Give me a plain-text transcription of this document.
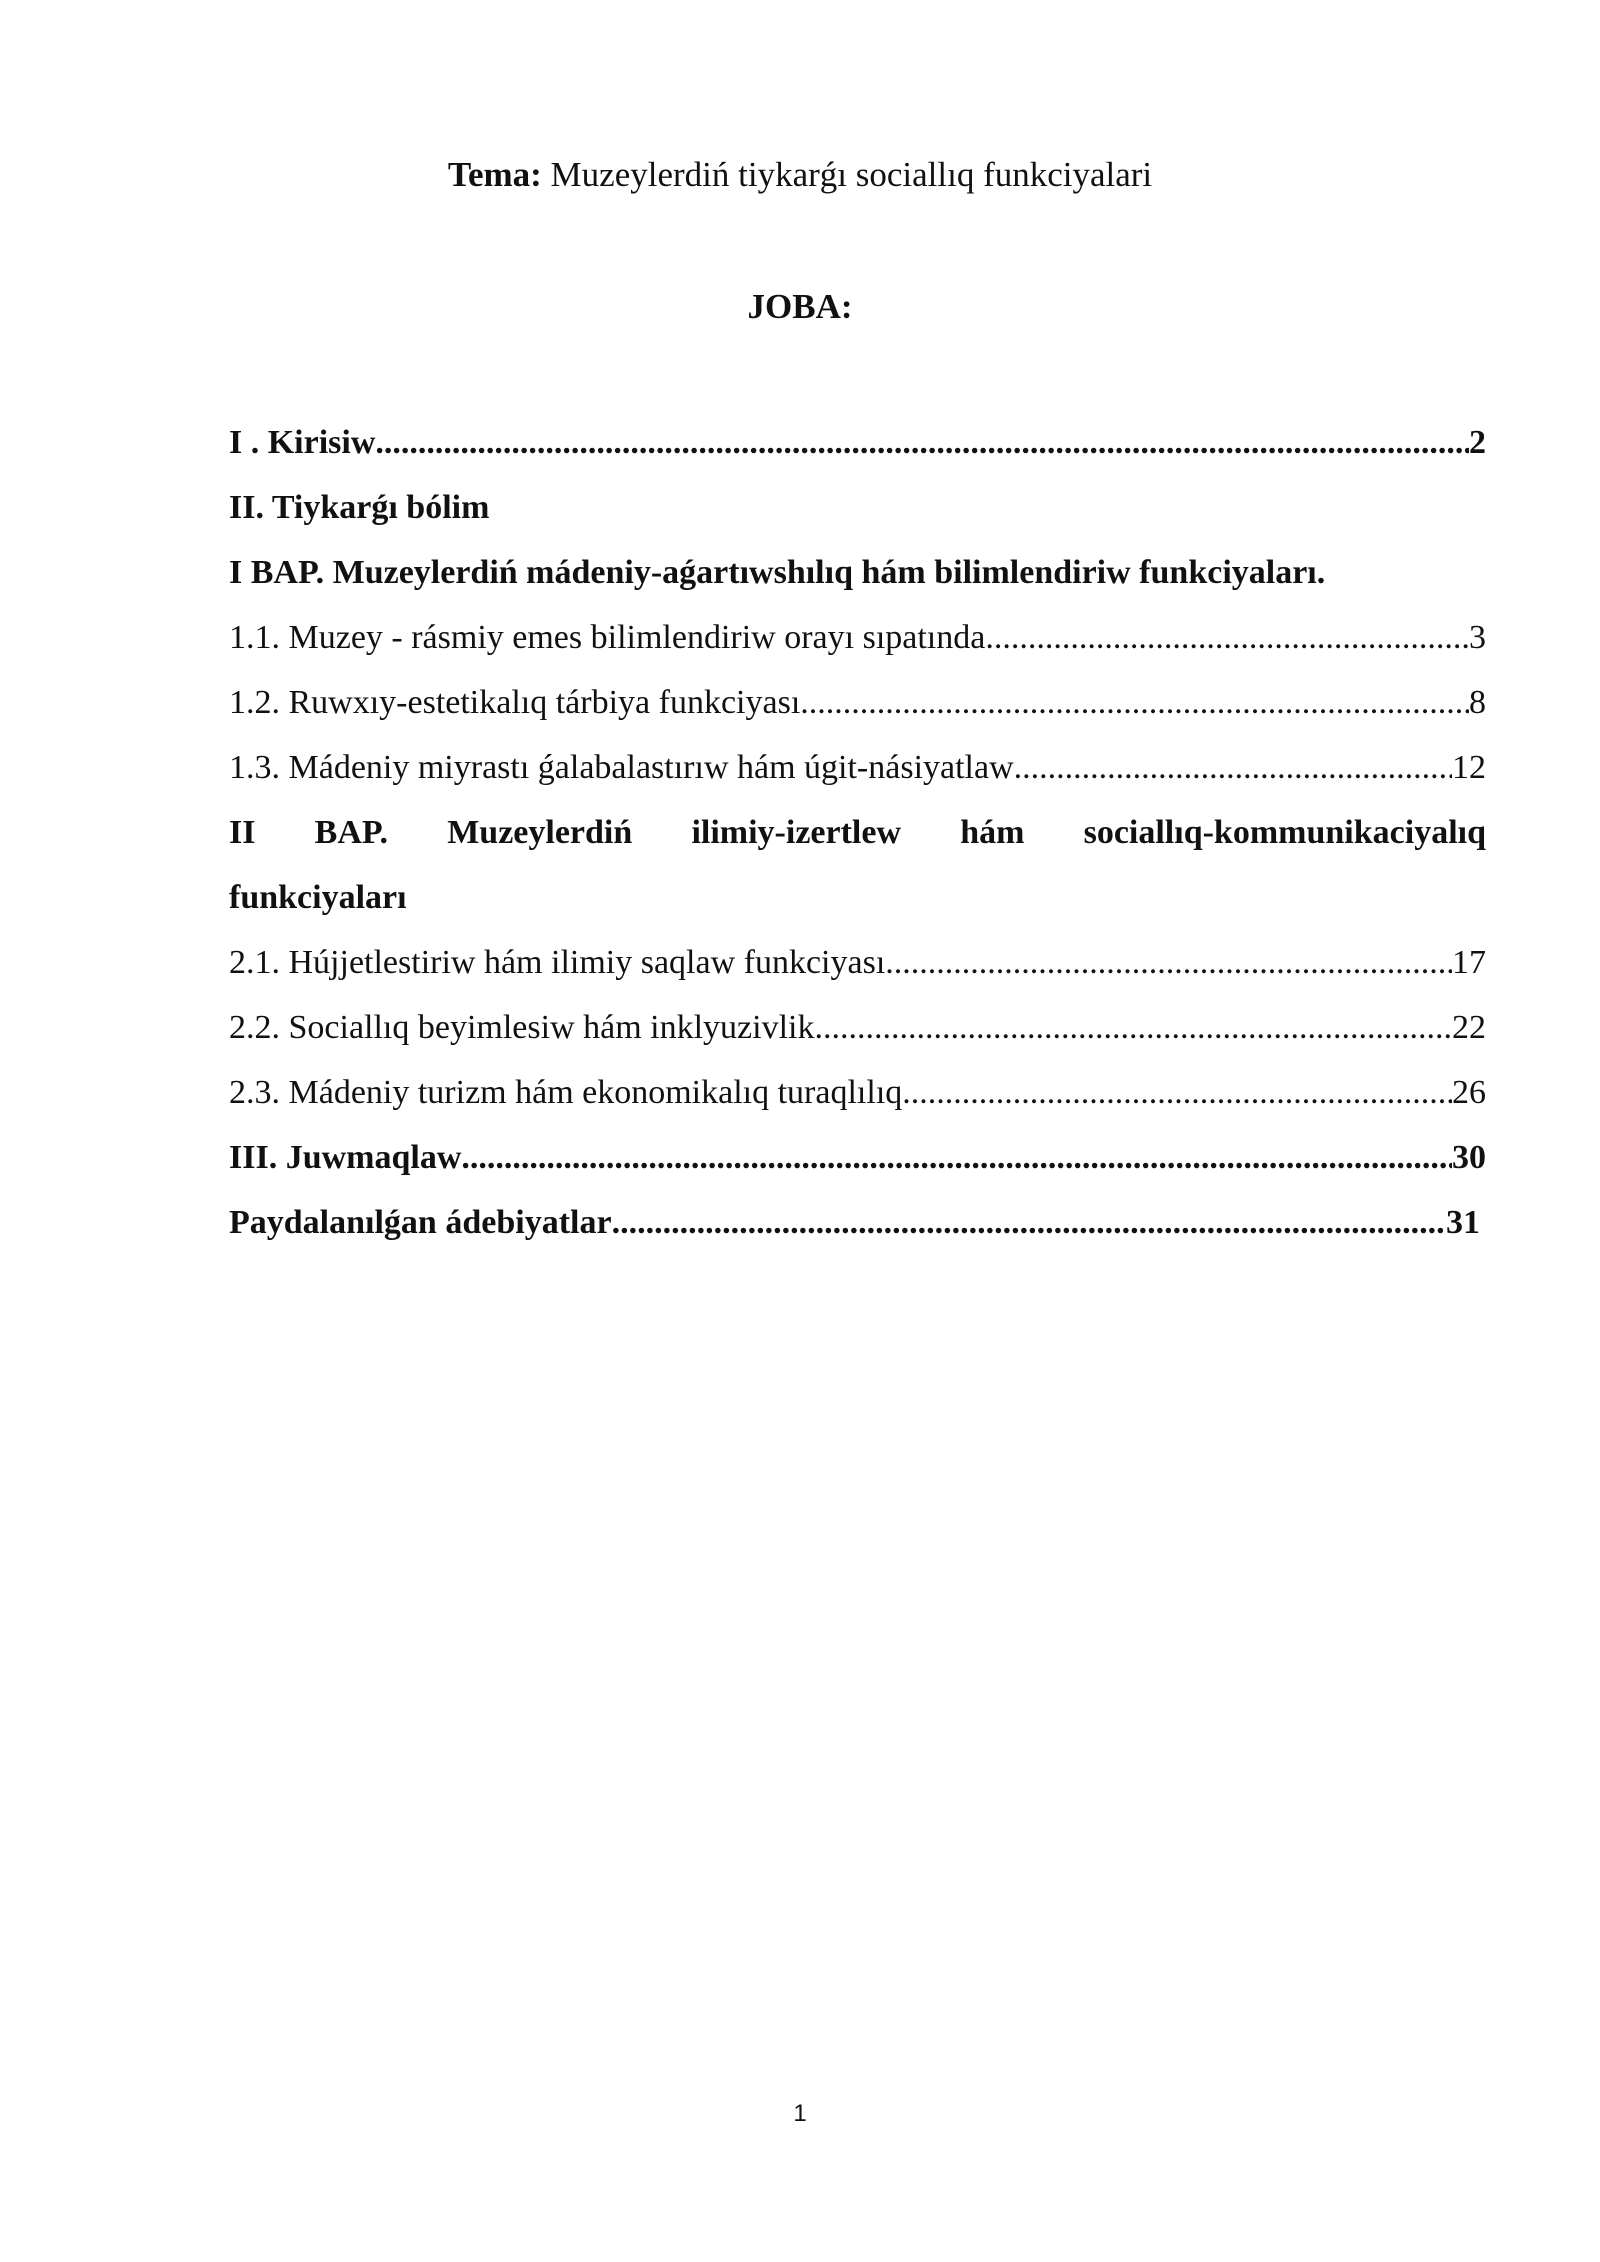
Tema: Muzeylerdiń tiykarǵı sociallıq funkciyalari
JOBA:
I . Kirisiw .....	2
II. Tiykarǵı bólim
I BAP. Muzeylerdiń mádeniy-aǵartıwshılıq hám bilimlendiriw funkciyaları.
1.1. Muzey - rásmiy emes bilimlendiriw orayı sıpatında .....	3
1.2. Ruwxıy-estetikalıq tárbiya funkciyası .....	8
1.3. Mádeniy miyrastı ǵalabalastırıw hám úgit-násiyatlaw .....	12
II BAP. Muzeylerdiń ilimiy-izertlew hám sociallıq-kommunikaciyalıq
funkciyaları
2.1. Hújjetlestiriw hám ilimiy saqlaw funkciyası .....	17
2.2. Sociallıq beyimlesiw hám inklyuzivlik .....	22
2.3. Mádeniy turizm hám ekonomikalıq turaqlılıq .....	26
III. Juwmaqlaw .....	30
Paydalanılǵan ádebiyatlar .....	31
1
